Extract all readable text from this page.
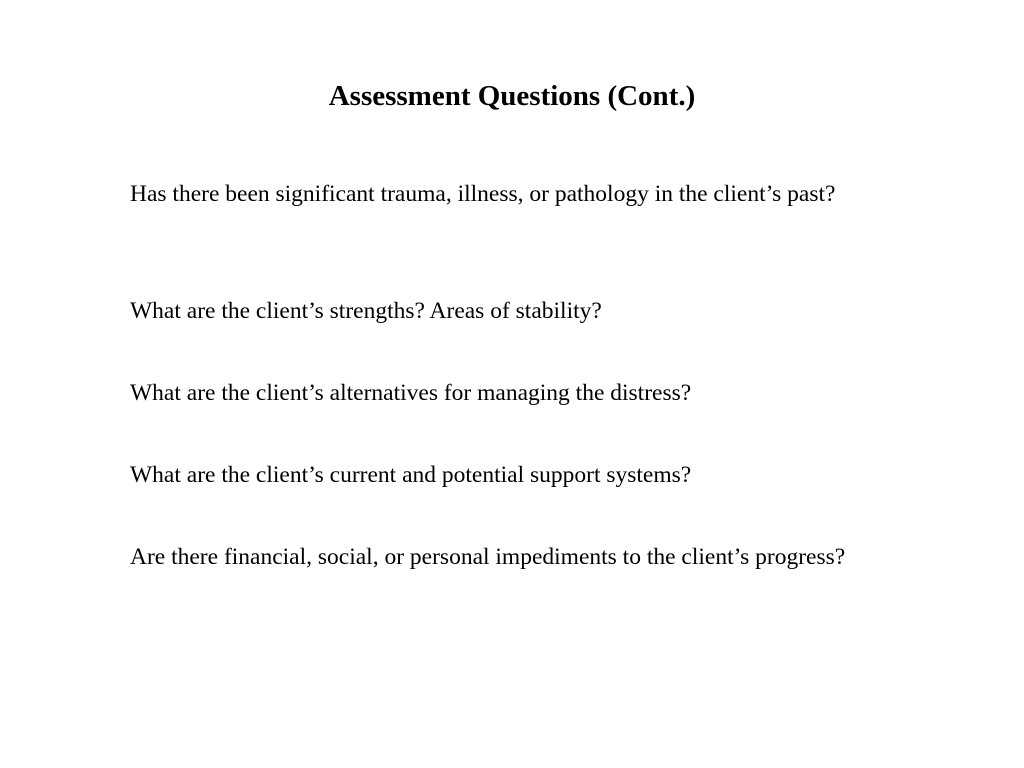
Assessment Questions (Cont.)
Has there been significant trauma, illness, or pathology in the client’s past?
What are the client’s strengths? Areas of stability?
What are the client’s alternatives for managing the distress?
What are the client’s current and potential support systems?
Are there financial, social, or personal impediments to the client’s progress?
